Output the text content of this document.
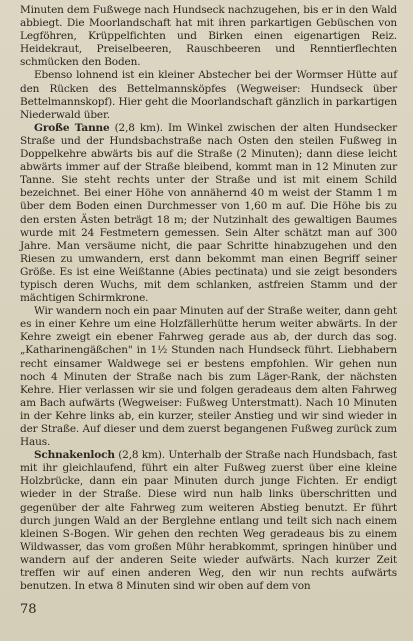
Minuten dem Fußwege nach Hundseck nachzugehen, bis er in den Wald abbiegt. Die Moorlandschaft hat mit ihren parkartigen Gebüschen von Legföhren, Krüppelfichten und Birken einen eigenartigen Reiz. Heidekraut, Preiselbeeren, Rauschbeeren und Renntierflechten schmücken den Boden.

Ebenso lohnend ist ein kleiner Abstecher bei der Wormser Hütte auf den Rücken des Bettelmannsköpfes (Wegweiser: Hundseck über Bettelmannskopf). Hier geht die Moorlandschaft gänzlich in parkartigen Niederwald über.

Große Tanne (2,8 km). Im Winkel zwischen der alten Hundsecker Straße und der Hundsbachstraße nach Osten den steilen Fußweg in Doppelkehre abwärts bis auf die Straße (2 Minuten); dann diese leicht abwärts immer auf der Straße bleibend, kommt man in 12 Minuten zur Tanne. Sie steht rechts unter der Straße und ist mit einem Schild bezeichnet. Bei einer Höhe von annähernd 40 m weist der Stamm 1 m über dem Boden einen Durchmesser von 1,60 m auf. Die Höhe bis zu den ersten Ästen beträgt 18 m; der Nutzinhalt des gewaltigen Baumes wurde mit 24 Festmetern gemessen. Sein Alter schätzt man auf 300 Jahre. Man versäume nicht, die paar Schritte hinabzugehen und den Riesen zu umwandern, erst dann bekommt man einen Begriff seiner Größe. Es ist eine Weißtanne (Abies pectinata) und sie zeigt besonders typisch deren Wuchs, mit dem schlanken, astfreien Stamm und der mächtigen Schirmkrone.

Wir wandern noch ein paar Minuten auf der Straße weiter, dann geht es in einer Kehre um eine Holzfällerhütte herum weiter abwärts. In der Kehre zweigt ein ebener Fahrweg gerade aus ab, der durch das sog. „Katharinengäßchen" in 1½ Stunden nach Hundseck führt. Liebhabern recht einsamer Waldwege sei er bestens empfohlen. Wir gehen nun noch 4 Minuten der Straße nach bis zum Läger-Rank, der nächsten Kehre. Hier verlassen wir sie und folgen geradeaus dem alten Fahrweg am Bach aufwärts (Wegweiser: Fußweg Unterstmatt). Nach 10 Minuten in der Kehre links ab, ein kurzer, steiler Anstieg und wir sind wieder in der Straße. Auf dieser und dem zuerst begangenen Fußweg zurück zum Haus.

Schnakenloch (2,8 km). Unterhalb der Straße nach Hundsbach, fast mit ihr gleichlaufend, führt ein alter Fußweg zuerst über eine kleine Holzbrücke, dann ein paar Minuten durch junge Fichten. Er endigt wieder in der Straße. Diese wird nun halb links überschritten und gegenüber der alte Fahrweg zum weiteren Abstieg benutzt. Er führt durch jungen Wald an der Berglehne entlang und teilt sich nach einem kleinen S-Bogen. Wir gehen den rechten Weg geradeaus bis zu einem Wildwasser, das vom großen Mühr herabkommt, springen hinüber und wandern auf der anderen Seite wieder aufwärts. Nach kurzer Zeit treffen wir auf einen anderen Weg, den wir nun rechts aufwärts benutzen. In etwa 8 Minuten sind wir oben auf dem von

78
